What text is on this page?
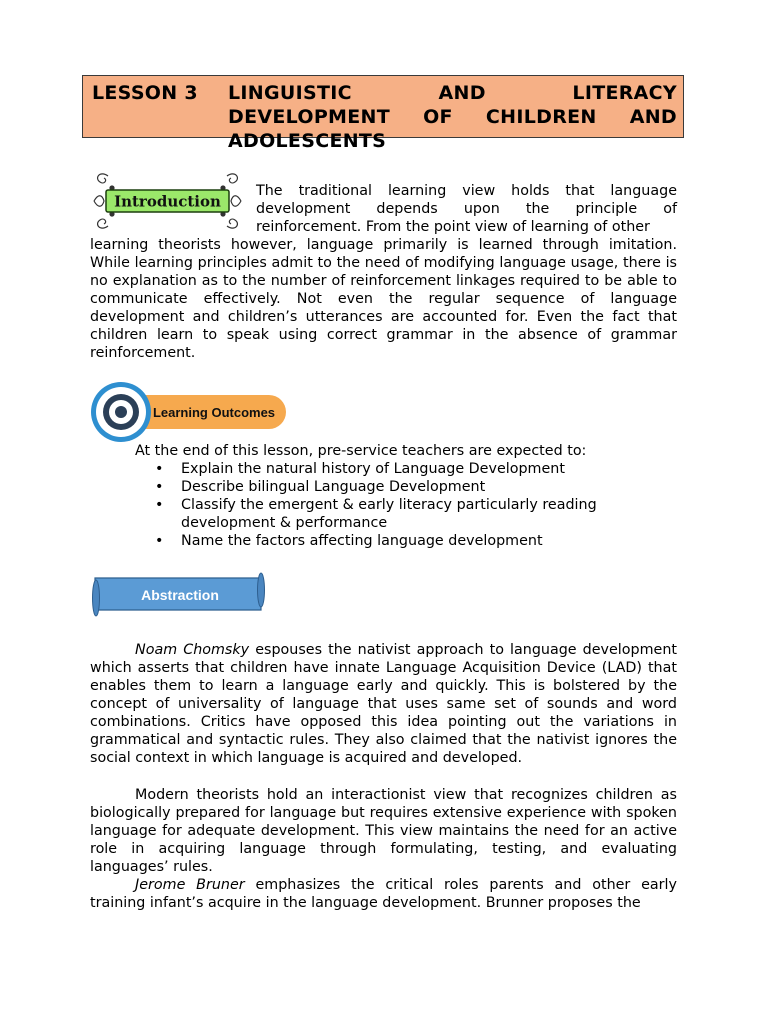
LESSON 3 LINGUISTIC AND LITERACY DEVELOPMENT OF CHILDREN AND ADOLESCENTS
Introduction
The traditional learning view holds that language development depends upon the principle of reinforcement. From the point view of learning of other
learning theorists however, language primarily is learned through imitation. While learning principles admit to the need of modifying language usage, there is no explanation as to the number of reinforcement linkages required to be able to communicate effectively. Not even the regular sequence of language development and children’s utterances are accounted for. Even the fact that children learn to speak using correct grammar in the absence of grammar reinforcement.
Learning Outcomes
At the end of this lesson, pre-service teachers are expected to:
• Explain the natural history of Language Development
• Describe bilingual Language Development
• Classify the emergent & early literacy particularly reading development & performance
• Name the factors affecting language development
Abstraction
Noam Chomsky espouses the nativist approach to language development which asserts that children have innate Language Acquisition Device (LAD) that enables them to learn a language early and quickly. This is bolstered by the concept of universality of language that uses same set of sounds and word combinations. Critics have opposed this idea pointing out the variations in grammatical and syntactic rules. They also claimed that the nativist ignores the social context in which language is acquired and developed.
Modern theorists hold an interactionist view that recognizes children as biologically prepared for language but requires extensive experience with spoken language for adequate development. This view maintains the need for an active role in acquiring language through formulating, testing, and evaluating languages’ rules.
Jerome Bruner emphasizes the critical roles parents and other early training infant’s acquire in the language development. Brunner proposes the
